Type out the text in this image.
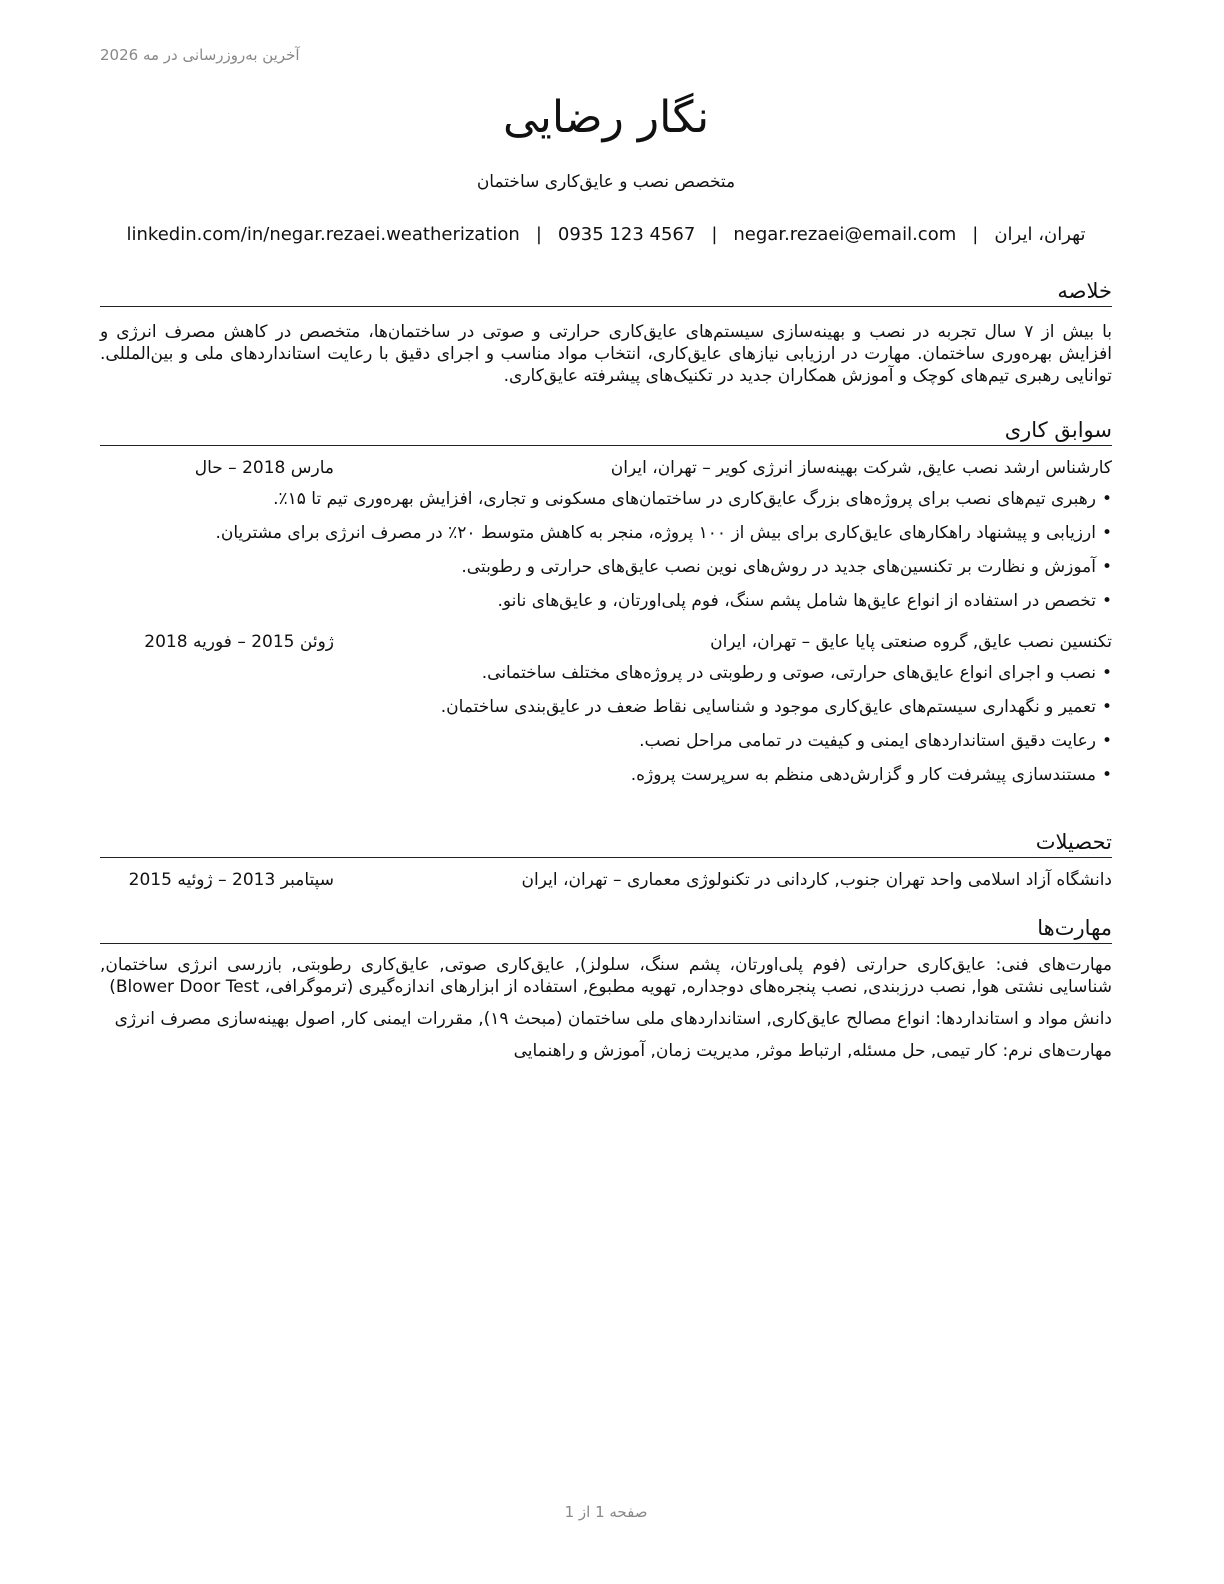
آخرین به‌روزرسانی در مه 2026
نگار رضایی
متخصص نصب و عایق‌کاری ساختمان
تهران، ایران|negar.rezaei@email.com|0935 123 4567|linkedin.com/in/negar.rezaei.weatherization
خلاصه
با بیش از ۷ سال تجربه در نصب و بهینه‌سازی سیستم‌های عایق‌کاری حرارتی و صوتی در ساختمان‌ها، متخصص در کاهش مصرف انرژی و افزایش بهره‌وری ساختمان. مهارت در ارزیابی نیازهای عایق‌کاری، انتخاب مواد مناسب و اجرای دقیق با رعایت استانداردهای ملی و بین‌المللی. توانایی رهبری تیم‌های کوچک و آموزش همکاران جدید در تکنیک‌های پیشرفته عایق‌کاری.
سوابق کاری
کارشناس ارشد نصب عایق, شرکت بهینه‌ساز انرژی کویر – تهران، ایران
مارس 2018 – حال
•رهبری تیم‌های نصب برای پروژه‌های بزرگ عایق‌کاری در ساختمان‌های مسکونی و تجاری، افزایش بهره‌وری تیم تا ۱۵٪.
•ارزیابی و پیشنهاد راهکارهای عایق‌کاری برای بیش از ۱۰۰ پروژه، منجر به کاهش متوسط ۲۰٪ در مصرف انرژی برای مشتریان.
•آموزش و نظارت بر تکنسین‌های جدید در روش‌های نوین نصب عایق‌های حرارتی و رطوبتی.
•تخصص در استفاده از انواع عایق‌ها شامل پشم سنگ، فوم پلی‌اورتان، و عایق‌های نانو.
تکنسین نصب عایق, گروه صنعتی پایا عایق – تهران، ایران
ژوئن 2015 – فوریه 2018
•نصب و اجرای انواع عایق‌های حرارتی، صوتی و رطوبتی در پروژه‌های مختلف ساختمانی.
•تعمیر و نگهداری سیستم‌های عایق‌کاری موجود و شناسایی نقاط ضعف در عایق‌بندی ساختمان.
•رعایت دقیق استانداردهای ایمنی و کیفیت در تمامی مراحل نصب.
•مستندسازی پیشرفت کار و گزارش‌دهی منظم به سرپرست پروژه.
تحصیلات
دانشگاه آزاد اسلامی واحد تهران جنوب, کاردانی در تکنولوژی معماری – تهران، ایران
سپتامبر 2013 – ژوئیه 2015
مهارت‌ها
مهارت‌های فنی: عایق‌کاری حرارتی (فوم پلی‌اورتان، پشم سنگ، سلولز), عایق‌کاری صوتی, عایق‌کاری رطوبتی, بازرسی انرژی ساختمان, شناسایی نشتی هوا, نصب درزبندی, نصب پنجره‌های دوجداره, تهویه مطبوع, استفاده از ابزارهای اندازه‌گیری (ترموگرافی، Blower Door Test)
دانش مواد و استانداردها: انواع مصالح عایق‌کاری, استانداردهای ملی ساختمان (مبحث ۱۹), مقررات ایمنی کار, اصول بهینه‌سازی مصرف انرژی
مهارت‌های نرم: کار تیمی, حل مسئله, ارتباط موثر, مدیریت زمان, آموزش و راهنمایی
صفحه 1 از 1
